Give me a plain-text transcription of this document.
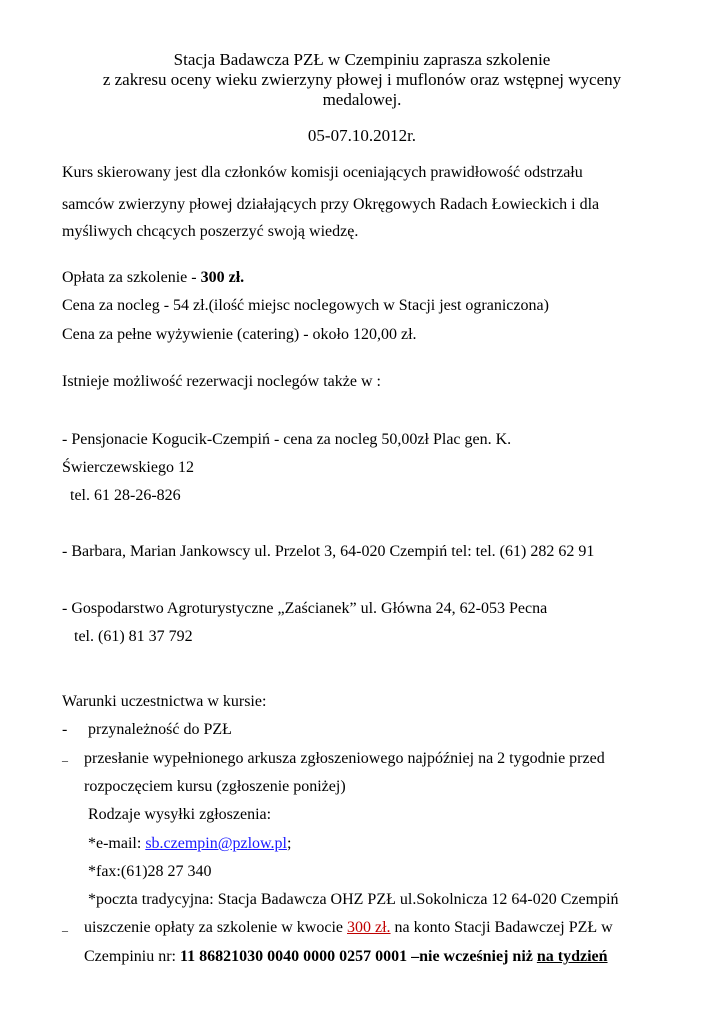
Stacja Badawcza PZŁ w Czempiniu zaprasza szkolenie
z zakresu oceny wieku zwierzyny płowej i muflonów oraz wstępnej wyceny
medalowej.
05-07.10.2012r.
Kurs skierowany jest dla członków komisji oceniających prawidłowość odstrzału
samców zwierzyny płowej działających przy Okręgowych Radach Łowieckich i dla
myśliwych chcących poszerzyć swoją wiedzę.
Opłata za szkolenie - 300 zł.
Cena za nocleg - 54 zł.(ilość miejsc noclegowych w Stacji jest ograniczona)
Cena za pełne wyżywienie (catering) - około 120,00 zł.
Istnieje możliwość rezerwacji noclegów także w :
- Pensjonacie Kogucik-Czempiń - cena za nocleg 50,00zł Plac gen. K.
Świerczewskiego 12
tel. 61 28-26-826
- Barbara, Marian Jankowscy ul. Przelot 3, 64-020 Czempiń tel: tel. (61) 282 62 91
- Gospodarstwo Agroturystyczne „Zaścianek” ul. Główna 24, 62-053 Pecna
tel. (61) 81 37 792
Warunki uczestnictwa w kursie:
- przynależność do PZŁ
– przesłanie wypełnionego arkusza zgłoszeniowego najpóźniej na 2 tygodnie przed
rozpoczęciem kursu (zgłoszenie poniżej)
Rodzaje wysyłki zgłoszenia:
*e-mail: sb.czempin@pzlow.pl;
*fax:(61)28 27 340
*poczta tradycyjna: Stacja Badawcza OHZ PZŁ ul.Sokolnicza 12 64-020 Czempiń
– uiszczenie opłaty za szkolenie w kwocie 300 zł. na konto Stacji Badawczej PZŁ w
Czempiniu nr: 11 86821030 0040 0000 0257 0001 –nie wcześniej niż na tydzień
